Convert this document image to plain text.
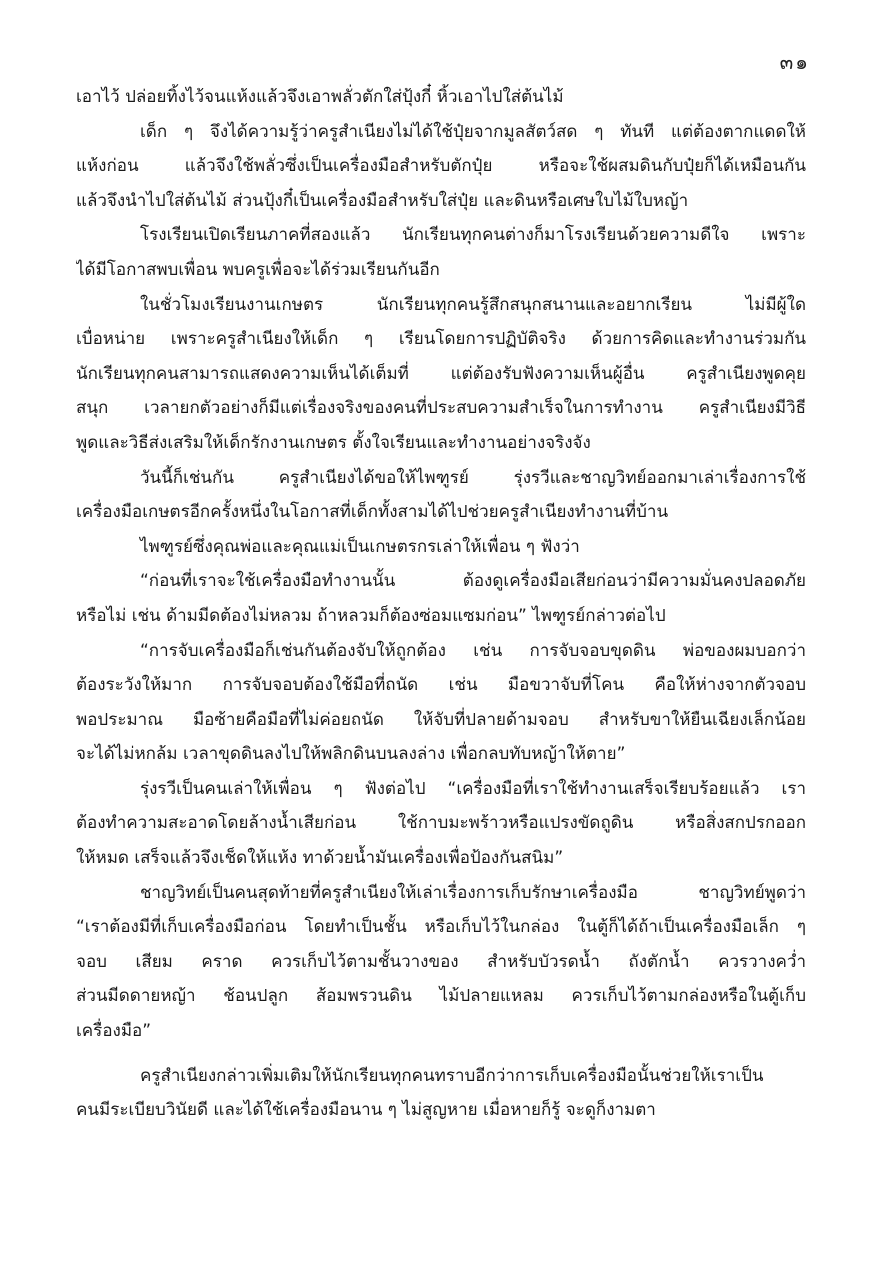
๓๑
เอาไว้ ปล่อยทิ้งไว้จนแห้งแล้วจึงเอาพลั่วตักใส่ปุ้งกี๋ หิ้วเอาไปใส่ต้นไม้
เด็ก ๆ จึงได้ความรู้ว่าครูสำเนียงไม่ได้ใช้ปุ๋ยจากมูลสัตว์สด ๆ ทันที แต่ต้องตากแดดให้
แห้งก่อน แล้วจึงใช้พลั่วซึ่งเป็นเครื่องมือสำหรับตักปุ๋ย หรือจะใช้ผสมดินกับปุ๋ยก็ได้เหมือนกัน
แล้วจึงนำไปใส่ต้นไม้ ส่วนปุ้งกี๋เป็นเครื่องมือสำหรับใส่ปุ๋ย และดินหรือเศษใบไม้ใบหญ้า
โรงเรียนเปิดเรียนภาคที่สองแล้ว นักเรียนทุกคนต่างก็มาโรงเรียนด้วยความดีใจ เพราะ
ได้มีโอกาสพบเพื่อน พบครูเพื่อจะได้ร่วมเรียนกันอีก
ในชั่วโมงเรียนงานเกษตร นักเรียนทุกคนรู้สึกสนุกสนานและอยากเรียน ไม่มีผู้ใด
เบื่อหน่าย เพราะครูสำเนียงให้เด็ก ๆ เรียนโดยการปฏิบัติจริง ด้วยการคิดและทำงานร่วมกัน
นักเรียนทุกคนสามารถแสดงความเห็นได้เต็มที่ แต่ต้องรับฟังความเห็นผู้อื่น ครูสำเนียงพูดคุย
สนุก เวลายกตัวอย่างก็มีแต่เรื่องจริงของคนที่ประสบความสำเร็จในการทำงาน ครูสำเนียงมีวิธี
พูดและวิธีส่งเสริมให้เด็กรักงานเกษตร ตั้งใจเรียนและทำงานอย่างจริงจัง
วันนี้ก็เช่นกัน ครูสำเนียงได้ขอให้ไพฑูรย์ รุ่งรวีและชาญวิทย์ออกมาเล่าเรื่องการใช้
เครื่องมือเกษตรอีกครั้งหนึ่งในโอกาสที่เด็กทั้งสามได้ไปช่วยครูสำเนียงทำงานที่บ้าน
ไพฑูรย์ซึ่งคุณพ่อและคุณแม่เป็นเกษตรกรเล่าให้เพื่อน ๆ ฟังว่า
“ก่อนที่เราจะใช้เครื่องมือทำงานนั้น ต้องดูเครื่องมือเสียก่อนว่ามีความมั่นคงปลอดภัย
หรือไม่ เช่น ด้ามมีดต้องไม่หลวม ถ้าหลวมก็ต้องซ่อมแซมก่อน” ไพฑูรย์กล่าวต่อไป
“การจับเครื่องมือก็เช่นกันต้องจับให้ถูกต้อง เช่น การจับจอบขุดดิน พ่อของผมบอกว่า
ต้องระวังให้มาก การจับจอบต้องใช้มือที่ถนัด เช่น มือขวาจับที่โคน คือให้ห่างจากตัวจอบ
พอประมาณ มือซ้ายคือมือที่ไม่ค่อยถนัด ให้จับที่ปลายด้ามจอบ สำหรับขาให้ยืนเฉียงเล็กน้อย
จะได้ไม่หกล้ม เวลาขุดดินลงไปให้พลิกดินบนลงล่าง เพื่อกลบทับหญ้าให้ตาย”
รุ่งรวีเป็นคนเล่าให้เพื่อน ๆ ฟังต่อไป “เครื่องมือที่เราใช้ทำงานเสร็จเรียบร้อยแล้ว เรา
ต้องทำความสะอาดโดยล้างน้ำเสียก่อน ใช้กาบมะพร้าวหรือแปรงขัดถูดิน หรือสิ่งสกปรกออก
ให้หมด เสร็จแล้วจึงเช็ดให้แห้ง ทาด้วยน้ำมันเครื่องเพื่อป้องกันสนิม”
ชาญวิทย์เป็นคนสุดท้ายที่ครูสำเนียงให้เล่าเรื่องการเก็บรักษาเครื่องมือ ชาญวิทย์พูดว่า
“เราต้องมีที่เก็บเครื่องมือก่อน โดยทำเป็นชั้น หรือเก็บไว้ในกล่อง ในตู้ก็ได้ถ้าเป็นเครื่องมือเล็ก ๆ
จอบ เสียม คราด ควรเก็บไว้ตามชั้นวางของ สำหรับบัวรดน้ำ ถังตักน้ำ ควรวางคว่ำ
ส่วนมีดดายหญ้า ช้อนปลูก ส้อมพรวนดิน ไม้ปลายแหลม ควรเก็บไว้ตามกล่องหรือในตู้เก็บ
เครื่องมือ”
ครูสำเนียงกล่าวเพิ่มเติมให้นักเรียนทุกคนทราบอีกว่าการเก็บเครื่องมือนั้นช่วยให้เราเป็น
คนมีระเบียบวินัยดี และได้ใช้เครื่องมือนาน ๆ ไม่สูญหาย เมื่อหายก็รู้ จะดูก็งามตา
